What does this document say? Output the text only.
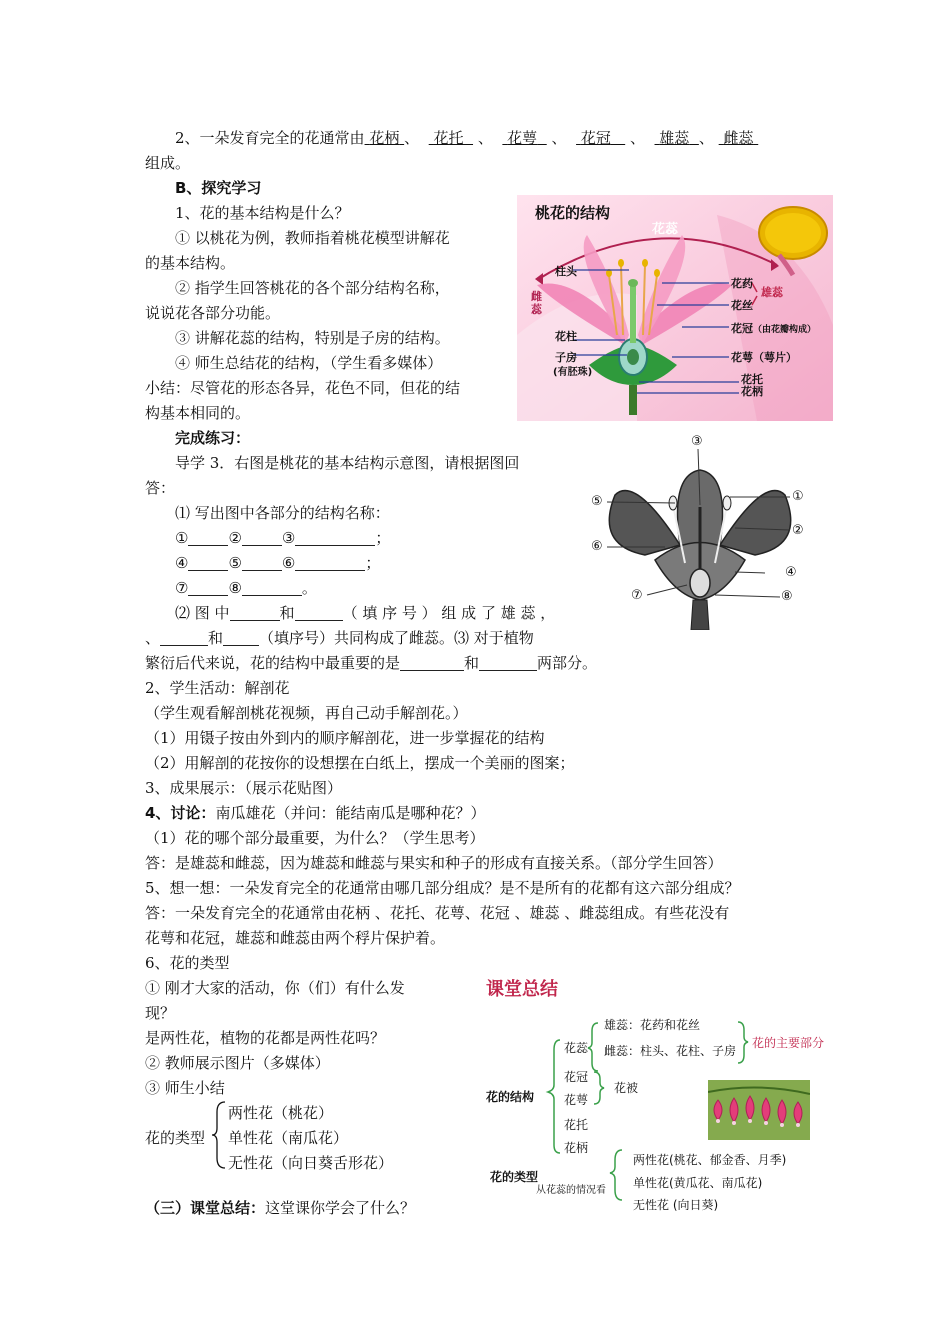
2、一朵发育完全的花通常由 花柄 、 花托 、 花萼 、 花冠 、 雄蕊 、 雌蕊
组成。
B、探究学习
1、花的基本结构是什么？
① 以桃花为例，教师指着桃花模型讲解花
的基本结构。
② 指学生回答桃花的各个部分结构名称，
说说花各部分功能。
③ 讲解花蕊的结构，特别是子房的结构。
④ 师生总结花的结构，（学生看多媒体）
小结：尽管花的形态各异，花色不同，但花的结
构基本相同的。
桃花的结构
花蕊
柱头
雌蕊
花柱
子房
(有胚珠)
花药
雄蕊
花丝
花冠（由花瓣构成）
花萼（萼片）
花托
花柄
完成练习：
导学 3．右图是桃花的基本结构示意图，请根据图回
答：
⑴ 写出图中各部分的结构名称：
①	②	③	；
④	⑤	⑥	；
⑦	⑧	。
⑵ 图 中	和	（ 填 序 号 ） 组 成 了 雄 蕊 ，
、	和 （填序号）共同构成了雌蕊。⑶ 对于植物
繁衍后代来说，花的结构中最重要的是	和	两部分。
③
①
⑤
②
⑥
④
⑦	⑧
2、学生活动：解剖花
（学生观看解剖桃花视频，再自己动手解剖花。）
（1）用镊子按由外到内的顺序解剖花，进一步掌握花的结构
（2）用解剖的花按你的设想摆在白纸上，摆成一个美丽的图案；
3、成果展示：（展示花贴图）
4、讨论：南瓜雄花（并问：能结南瓜是哪种花？）
（1）花的哪个部分最重要，为什么？（学生思考）
答：是雄蕊和雌蕊，因为雄蕊和雌蕊与果实和种子的形成有直接关系。（部分学生回答）
5、想一想：一朵发育完全的花通常由哪几部分组成？是不是所有的花都有这六部分组成？
答：一朵发育完全的花通常由花柄 、花托、花萼、花冠 、雄蕊 、雌蕊组成。有些花没有
花萼和花冠，雄蕊和雌蕊由两个稃片保护着。
6、花的类型
① 刚才大家的活动，你（们）有什么发
现？
是两性花，植物的花都是两性花吗？
② 教师展示图片（多媒体）
③ 师生小结
花的类型
两性花（桃花）
单性花（南瓜花）
无性花（向日葵舌形花）
课堂总结
花的结构
花蕊
雄蕊：花药和花丝
雌蕊：柱头、花柱、子房
花的主要部分
花冠
花萼
花被
花托
花柄
花的类型
从花蕊的情况看
两性花(桃花、郁金香、月季)
单性花(黄瓜花、南瓜花)
无性花 (向日葵)
（三）课堂总结：这堂课你学会了什么？
